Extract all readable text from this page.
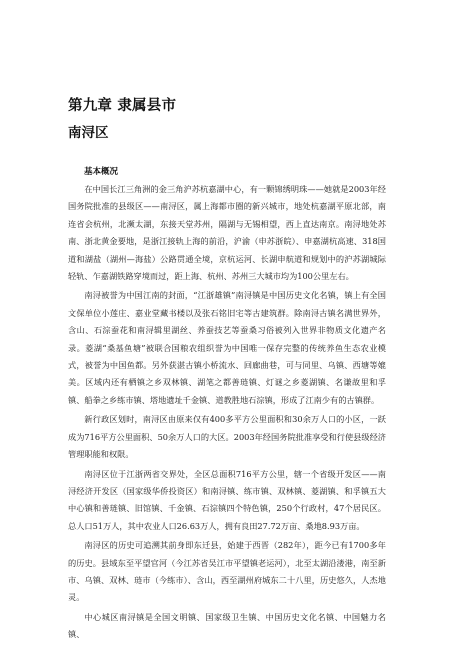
第九章 隶属县市
南浔区
基本概况

在中国长江三角洲的金三角沪苏杭嘉湖中心，有一颗锦绣明珠——她就是2003年经国务院批准的县级区——南浔区，属上海都市圈的新兴城市，地处杭嘉湖平原北部，南连省会杭州，北濒太湖，东接天堂苏州，隔湖与无锡相望，西上直达南京。南浔地处苏南、浙北黄金要地，是浙江接轨上海的前沿，沪渝（申苏浙皖）、申嘉湖杭高速、318国道和湖盐（湖州—海盐）公路贯通全境，京杭运河、长湖申航道和规划中的沪苏湖城际轻轨、乍嘉湖铁路穿境而过，距上海、杭州、苏州三大城市均为100公里左右。

南浔被誉为中国江南的封面，“江浙雄镇”南浔镇是中国历史文化名镇，镇上有全国文保单位小莲庄、嘉业堂藏书楼以及张石铭旧宅等古建筑群。除南浔古镇名满世界外，含山、石淙蚕花和南浔辑里湖丝、养蚕技艺等蚕桑习俗被列入世界非物质文化遗产名录。菱湖“桑基鱼塘”被联合国粮农组织誉为中国唯一保存完整的传统养鱼生态农业模式，被誉为中国鱼都。另外获湛古镇小桥流水、回廊曲巷，可与同里、乌镇、西塘等媲美。区域内还有栖镇之乡双林镇、湖笔之都善琏镇、灯谜之乡菱湖镇、名谦故里和孚镇、船拳之乡练市镇、塔地遗址千金镇、道教胜地石淙镇，形成了江南少有的古镇群。

新行政区划时，南浔区由原来仅有400多平方公里面积和30余万人口的小区，一跃成为716平方公里面积、50余万人口的大区。2003年经国务院批准享受和行使县级经济管理职能和权限。

南浔区位于江浙两省交界处，全区总面积716平方公里，辖一个省级开发区——南浔经济开发区（国家级华侨投资区）和南浔镇、练市镇、双林镇、菱湖镇、和孚镇五大中心镇和善琏镇、旧馆镇、千金镇、石淙镇四个特色镇，250个行政村，47个居民区。总人口51万人，其中农业人口26.63万人，拥有良田27.72万亩、桑地8.93万亩。

南浔区的历史可追溯其前身即东迁县，始建于西晋（282年），距今已有1700多年的历史。县域东至平望官河（今江苏省吴江市平望镇老运河），北至太湖沿溇港，南至新市、乌镇、双林、琏市（今练市）、含山，西至湖州府城东二十八里，历史悠久，人杰地灵。

中心城区南浔镇是全国文明镇、国家级卫生镇、中国历史文化名镇、中国魅力名镇、
